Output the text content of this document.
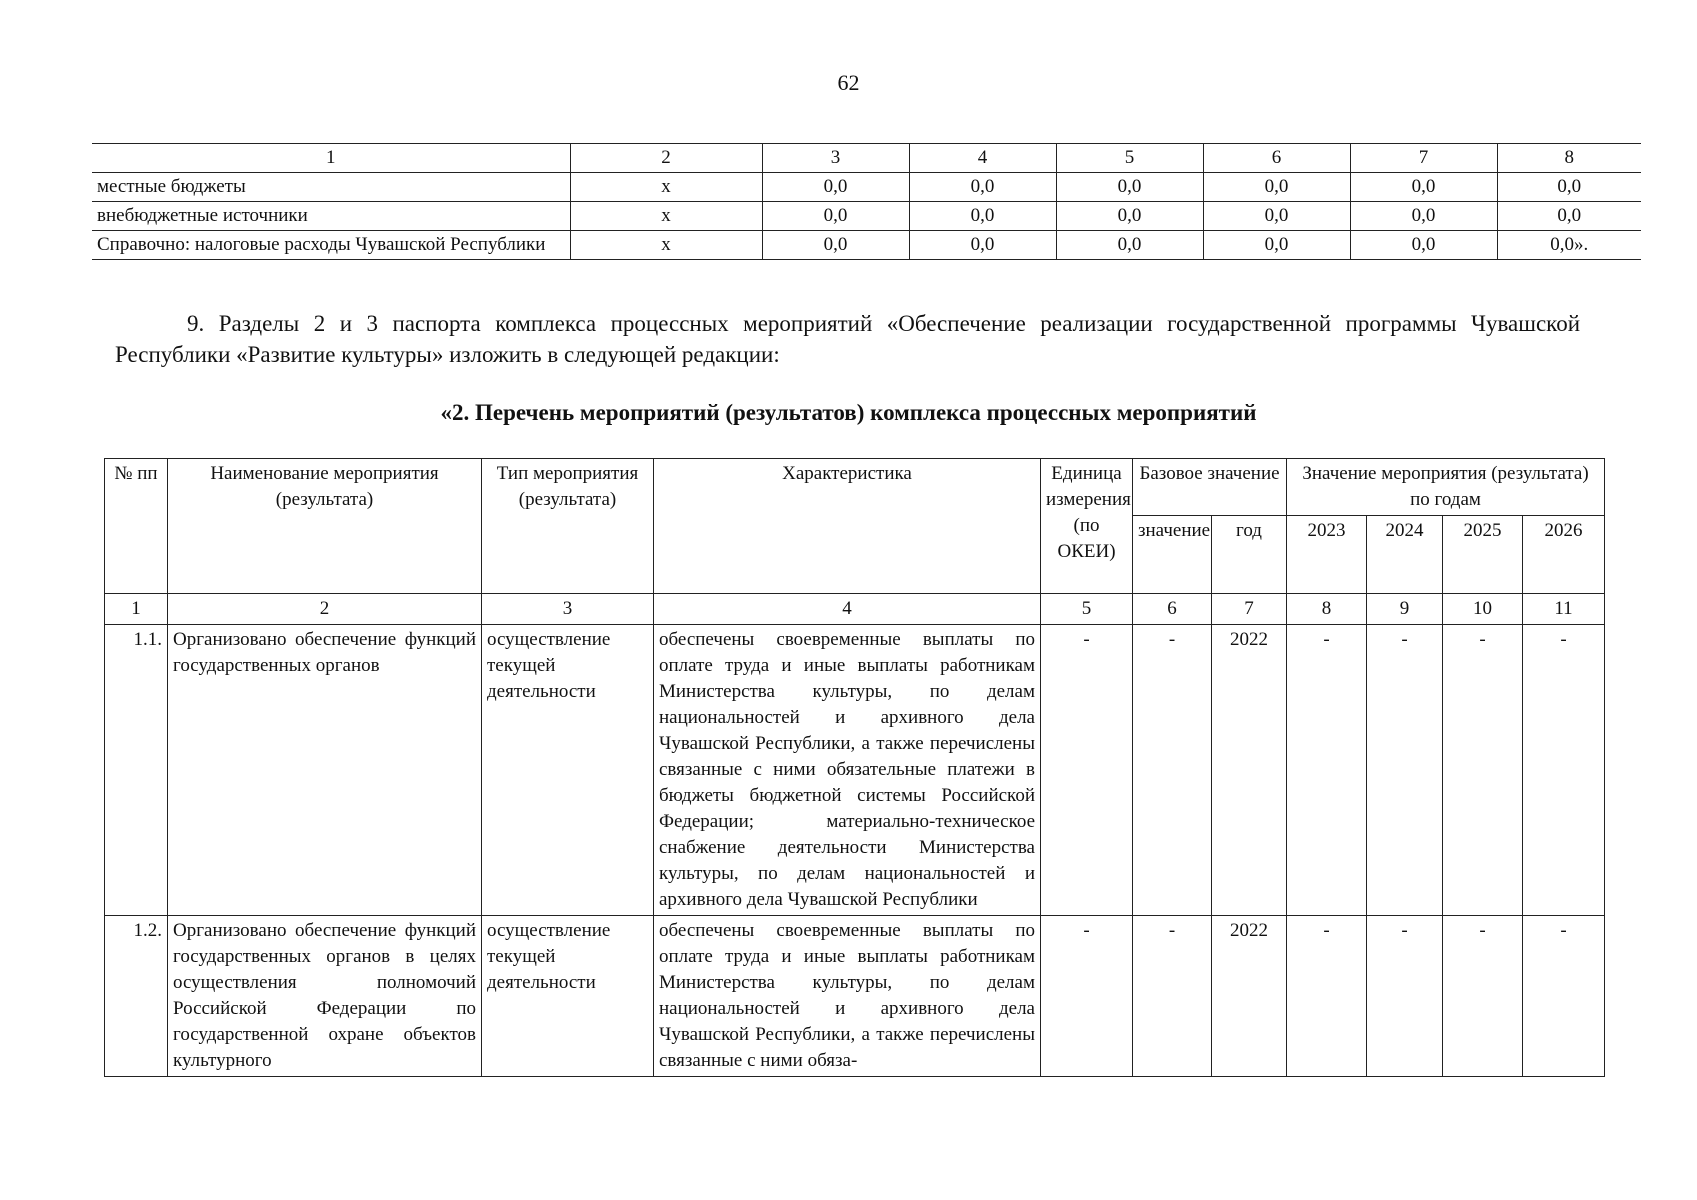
62
1	2	3	4	5	6	7	8
местные бюджеты	х	0,0	0,0	0,0	0,0	0,0	0,0
внебюджетные источники	х	0,0	0,0	0,0	0,0	0,0	0,0
Справочно: налоговые расходы Чувашской Республики	х	0,0	0,0	0,0	0,0	0,0	0,0».

9. Разделы 2 и 3 паспорта комплекса процессных мероприятий «Обеспечение реализации государственной программы Чувашской Республики «Развитие культуры» изложить в следующей редакции:

«2. Перечень мероприятий (результатов) комплекса процессных мероприятий
№ пп	Наименование мероприятия (результата)	Тип мероприятия (результата)	Характеристика	Единица измерения (по ОКЕИ)	Базовое значение		Значение мероприятия (результата) по годам			
					значение	год	2023	2024	2025	2026
1	2	3	4	5	6	7	8	9	10	11
1.1.	Организовано обеспечение функций государственных органов	осуществление текущей деятельности	обеспечены своевременные выплаты по оплате труда и иные выплаты работникам Министерства культуры, по делам национальностей и архивного дела Чувашской Республики, а также перечислены связанные с ними обязательные платежи в бюджеты бюджетной системы Российской Федерации; материально-техническое снабжение деятельности Министерства культуры, по делам национальностей и архивного дела Чувашской Республики	-	-	2022	-	-	-	-
1.2.	Организовано обеспечение функций государственных органов в целях осуществления полномочий Российской Федерации по государственной охране объектов культурного	осуществление текущей деятельности	обеспечены своевременные выплаты по оплате труда и иные выплаты работникам Министерства культуры, по делам национальностей и архивного дела Чувашской Республики, а также перечислены связанные с ними обяза-	-	-	2022	-	-	-	-
